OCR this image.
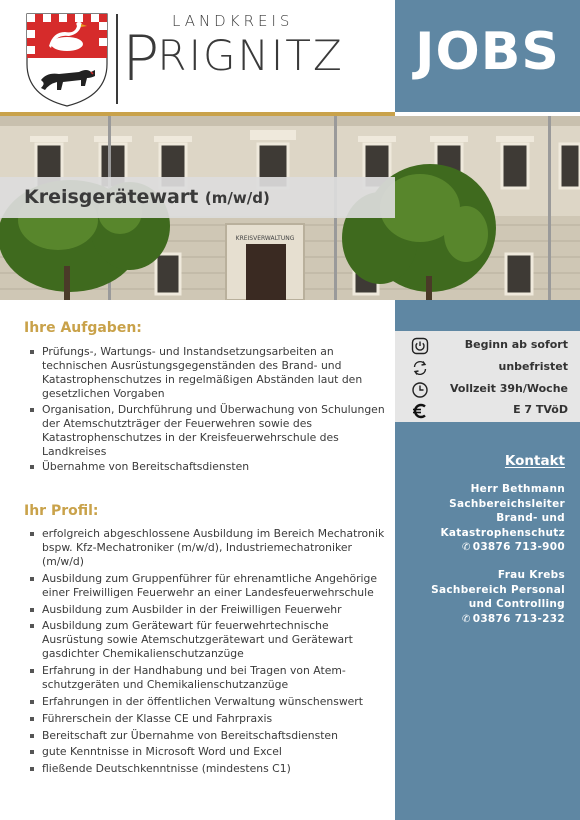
LANDKREIS
PRIGNITZ	JOBS
KREISVERWALTUNG
Kreisgerätewart (m/w/d)
Ihre Aufgaben:
Prüfungs-, Wartungs- und Instandsetzungsarbeiten an technischen Ausrüstungsgegenständen des Brand- und Katastrophenschutzes in regelmäßigen Abständen laut den gesetzlichen Vorgaben
Organisation, Durchführung und Überwachung von Schulungen der Atemschutzträger der Feuerwehren sowie des Katastrophenschutzes in der Kreisfeuerwehrschule des Landkreises
Übernahme von Bereitschaftsdiensten
Ihr Profil:
erfolgreich abgeschlossene Ausbildung im Bereich Mechatronik bspw. Kfz-Mechatroniker (m/w/d), Industriemechatroniker (m/w/d)
Ausbildung zum Gruppenführer für ehrenamtliche Angehörige einer Freiwilligen Feuerwehr an einer Landesfeuerwehrschule
Ausbildung zum Ausbilder in der Freiwilligen Feuerwehr
Ausbildung zum Gerätewart für feuerwehrtechnische Ausrüstung sowie Atemschutzgerätewart und Gerätewart gasdichter Chemikalienschutzanzüge
Erfahrung in der Handhabung und bei Tragen von Atem-schutzgeräten und Chemikalienschutzanzüge
Erfahrungen in der öffentlichen Verwaltung wünschenswert
Führerschein der Klasse CE und Fahrpraxis
Bereitschaft zur Übernahme von Bereitschaftsdiensten
gute Kenntnisse in Microsoft Word und Excel
fließende Deutschkenntnisse (mindestens C1)
Beginn ab sofort
unbefristet
Vollzeit 39h/Woche
E 7 TVöD
Kontakt
Herr Bethmann
Sachbereichsleiter
Brand- und
Katastrophenschutz
✆ 03876 713-900
Frau Krebs
Sachbereich Personal
und Controlling
✆ 03876 713-232
